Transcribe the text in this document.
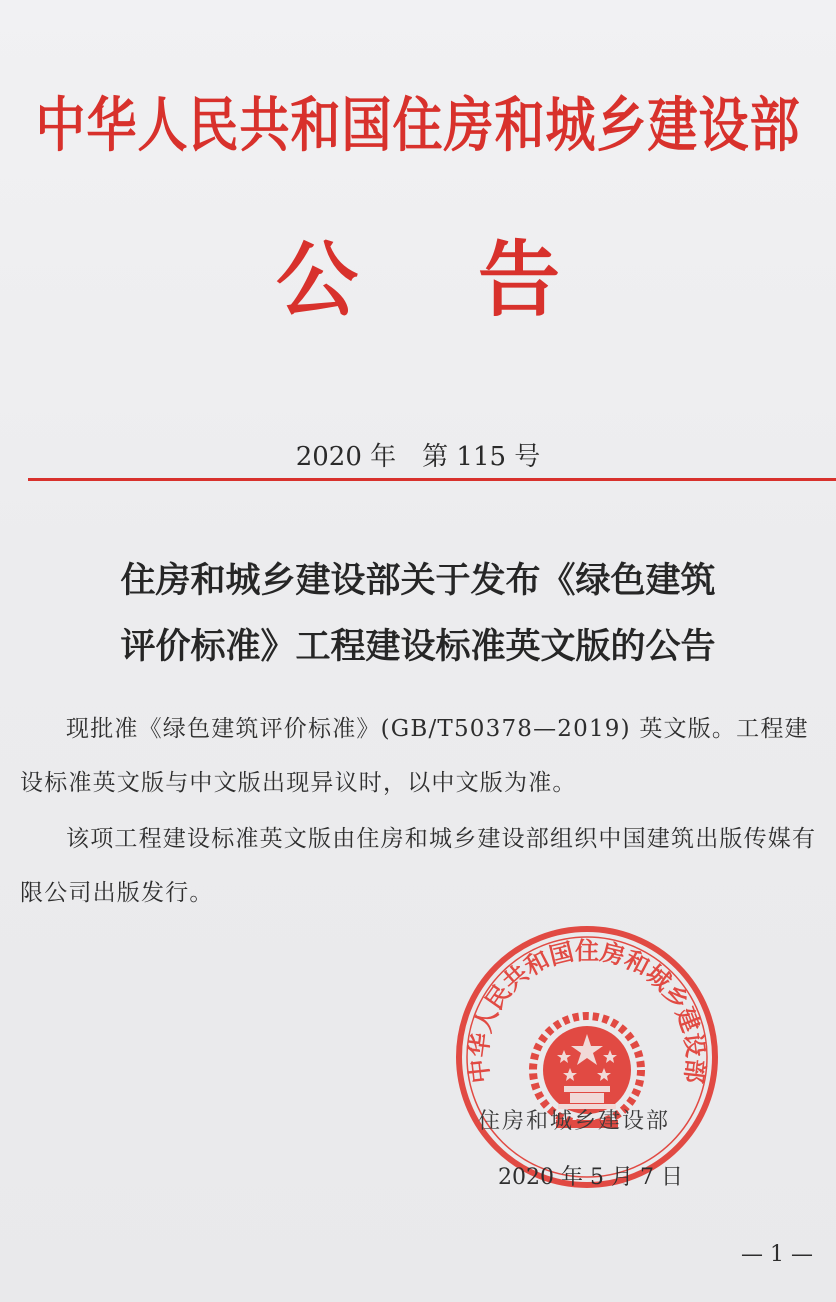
中华人民共和国住房和城乡建设部
公告
2020 年　第 115 号
住房和城乡建设部关于发布《绿色建筑
评价标准》工程建设标准英文版的公告
现批准《绿色建筑评价标准》(GB/T50378—2019) 英文版。工程建设标准英文版与中文版出现异议时，以中文版为准。
该项工程建设标准英文版由住房和城乡建设部组织中国建筑出版传媒有限公司出版发行。
中华人民共和国住房和城乡建设部
住房和城乡建设部
2020 年 5 月 7 日
— 1 —
